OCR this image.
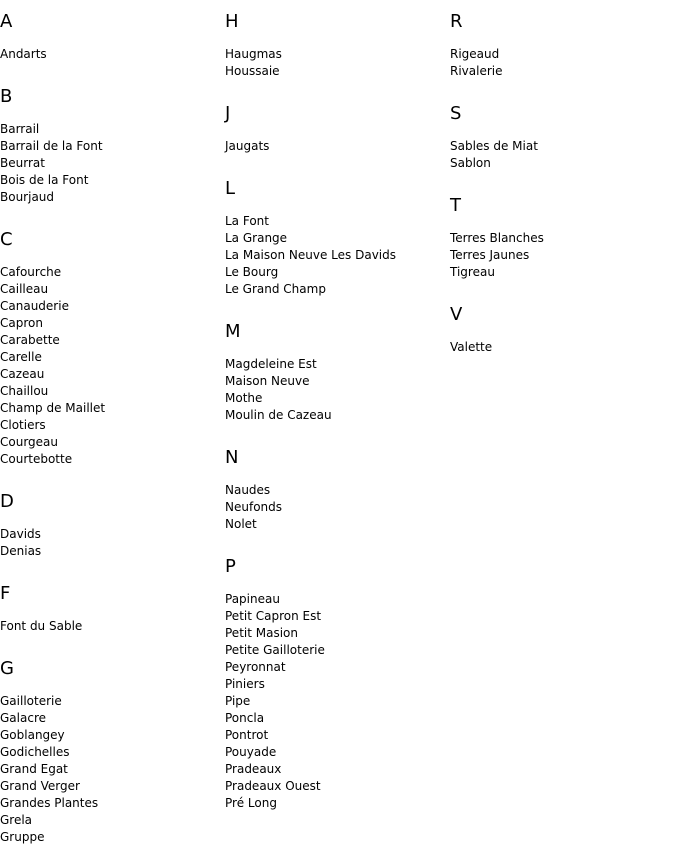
A
Andarts
B
Barrail
Barrail de la Font
Beurrat
Bois de la Font
Bourjaud
C
Cafourche
Cailleau
Canauderie
Capron
Carabette
Carelle
Cazeau
Chaillou
Champ de Maillet
Clotiers
Courgeau
Courtebotte
D
Davids
Denias
F
Font du Sable
G
Gailloterie
Galacre
Goblangey
Godichelles
Grand Egat
Grand Verger
Grandes Plantes
Grela
Gruppe
H
Haugmas
Houssaie
J
Jaugats
L
La Font
La Grange
La Maison Neuve Les Davids
Le Bourg
Le Grand Champ
M
Magdeleine Est
Maison Neuve
Mothe
Moulin de Cazeau
N
Naudes
Neufonds
Nolet
P
Papineau
Petit Capron Est
Petit Masion
Petite Gailloterie
Peyronnat
Piniers
Pipe
Poncla
Pontrot
Pouyade
Pradeaux
Pradeaux Ouest
Pré Long
R
Rigeaud
Rivalerie
S
Sables de Miat
Sablon
T
Terres Blanches
Terres Jaunes
Tigreau
V
Valette
